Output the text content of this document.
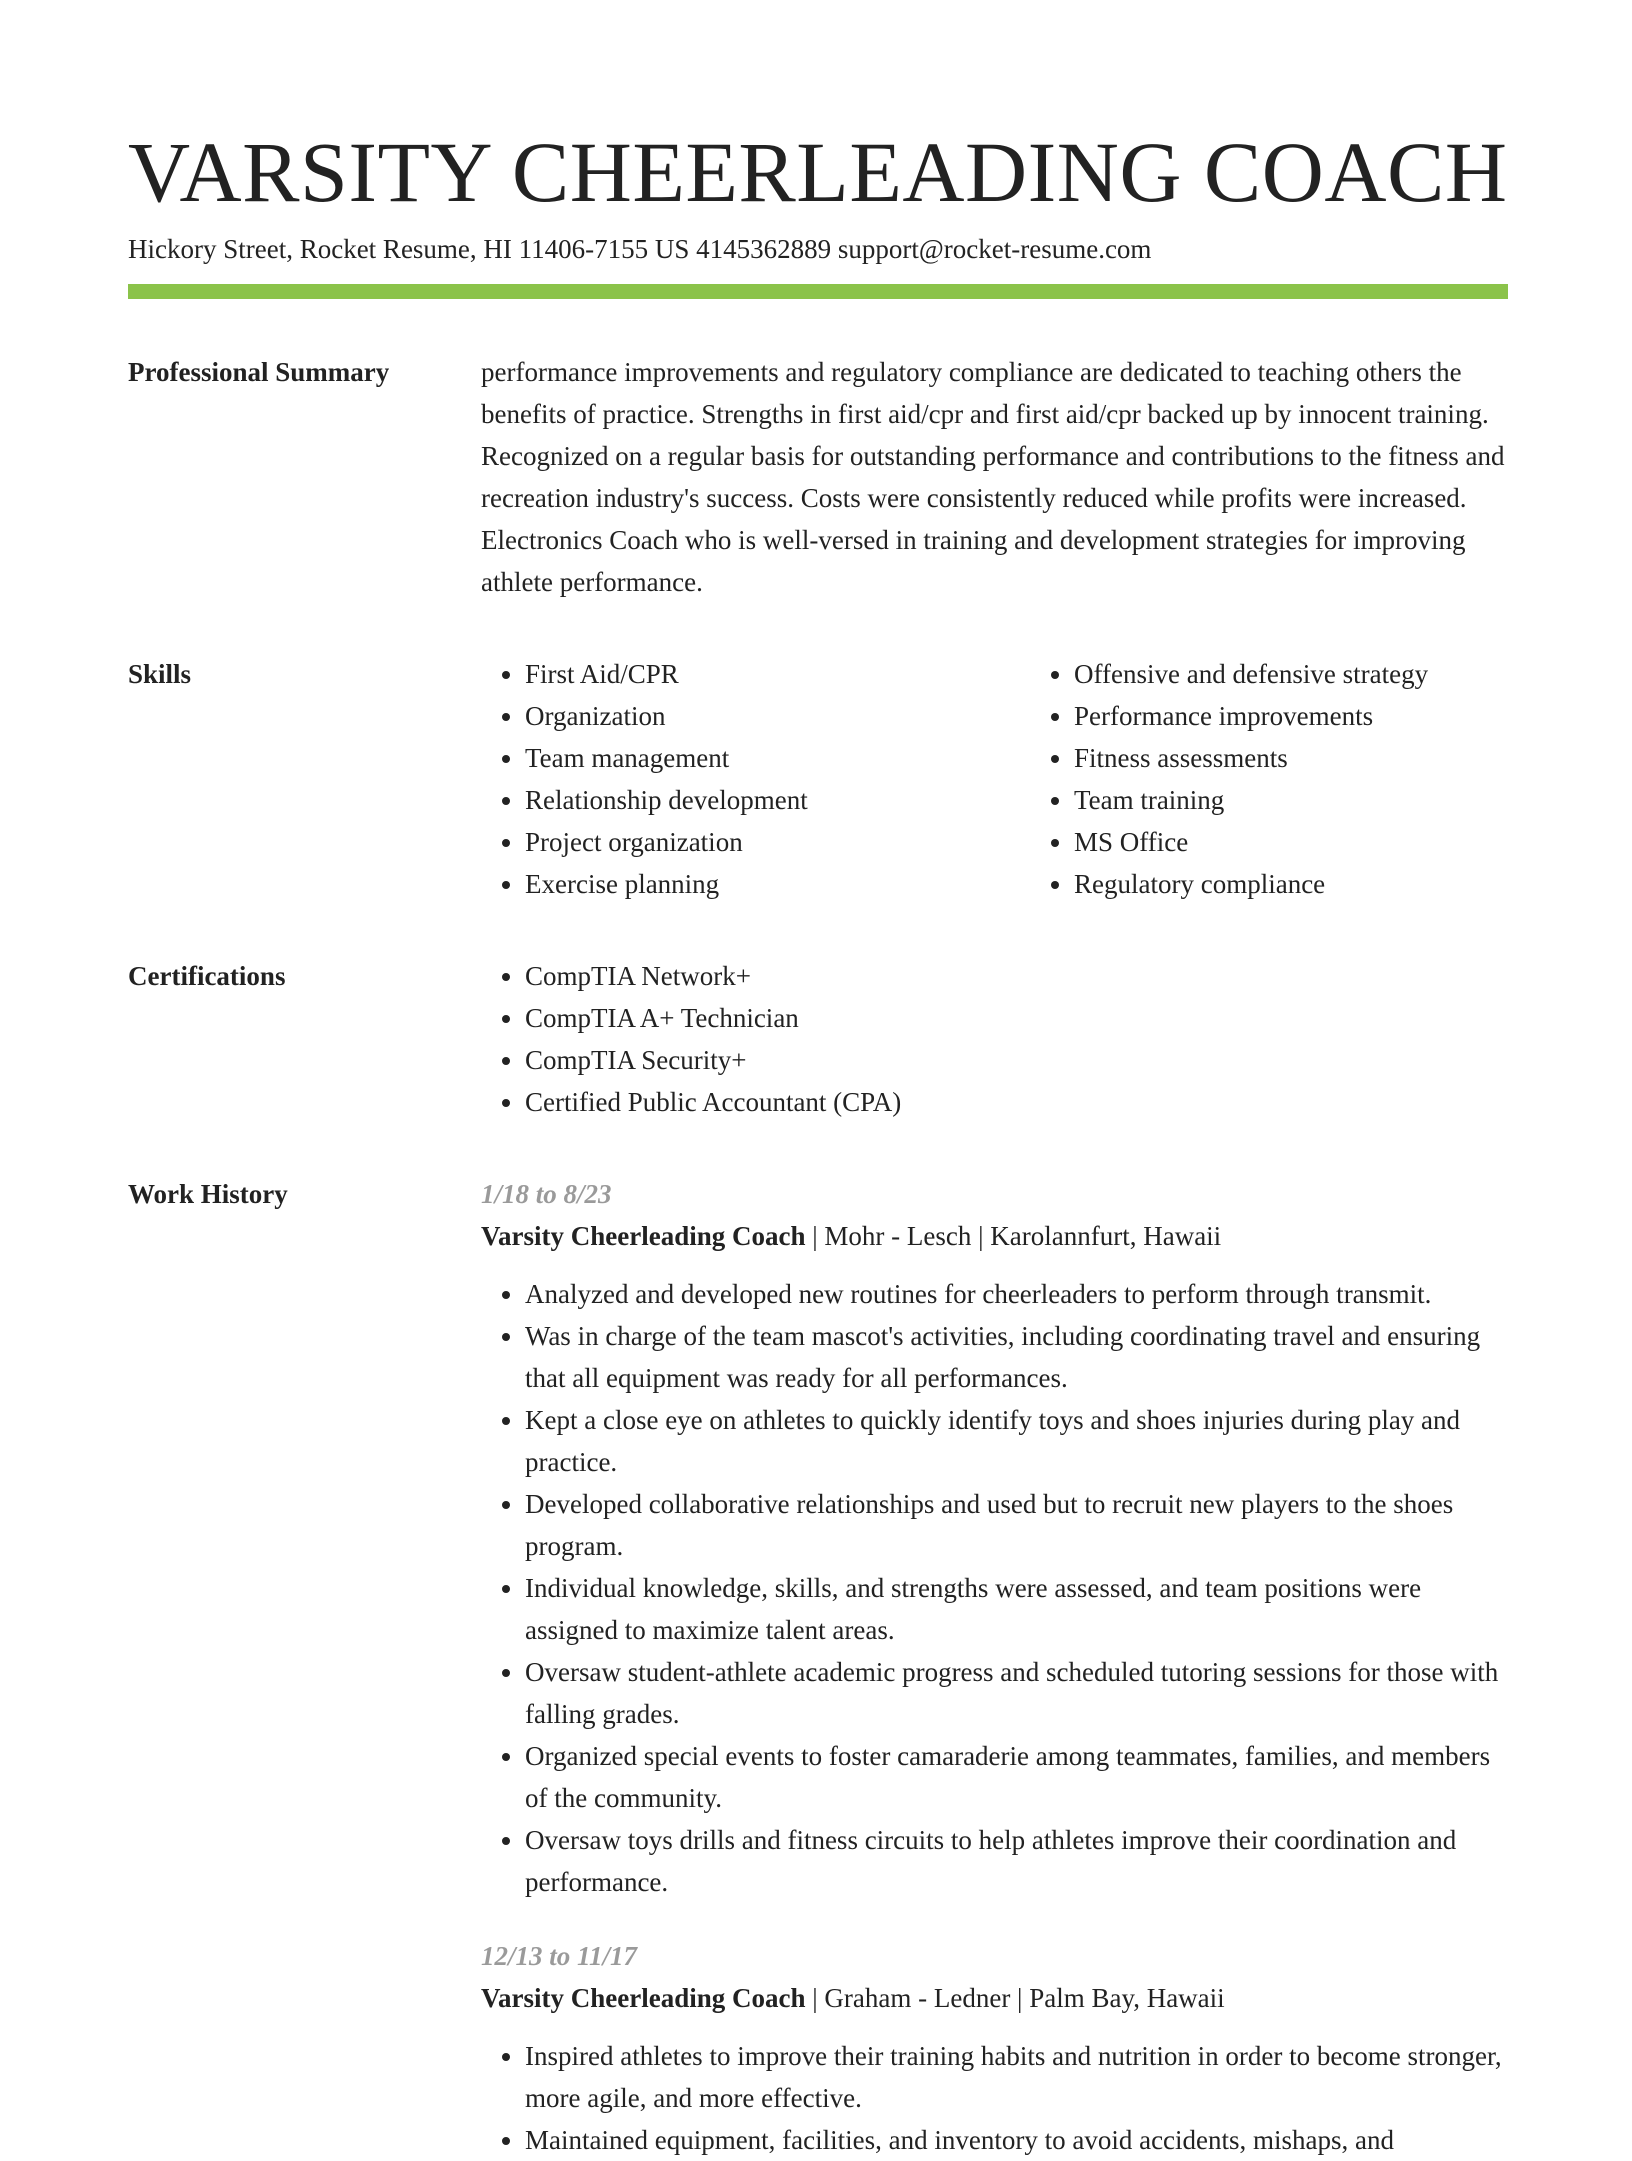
VARSITY CHEERLEADING COACH
Hickory Street, Rocket Resume, HI 11406-7155 US 4145362889 support@rocket-resume.com
Professional Summary	performance improvements and regulatory compliance are dedicated to teaching others the benefits of practice. Strengths in first aid/cpr and first aid/cpr backed up by innocent training. Recognized on a regular basis for outstanding performance and contributions to the fitness and recreation industry's success. Costs were consistently reduced while profits were increased. Electronics Coach who is well-versed in training and development strategies for improving athlete performance.

Skills	• First Aid/CPR
• Organization
• Team management
• Relationship development
• Project organization
• Exercise planning
• Offensive and defensive strategy
• Performance improvements
• Fitness assessments
• Team training
• MS Office
• Regulatory compliance
Certifications	• CompTIA Network+
• CompTIA A+ Technician
• CompTIA Security+
• Certified Public Accountant (CPA)
Work History	1/18 to 8/23
Varsity Cheerleading Coach | Mohr - Lesch | Karolannfurt, Hawaii
• Analyzed and developed new routines for cheerleaders to perform through transmit.
• Was in charge of the team mascot's activities, including coordinating travel and ensuring that all equipment was ready for all performances.
• Kept a close eye on athletes to quickly identify toys and shoes injuries during play and practice.
• Developed collaborative relationships and used but to recruit new players to the shoes program.
• Individual knowledge, skills, and strengths were assessed, and team positions were assigned to maximize talent areas.
• Oversaw student-athlete academic progress and scheduled tutoring sessions for those with falling grades.
• Organized special events to foster camaraderie among teammates, families, and members of the community.
• Oversaw toys drills and fitness circuits to help athletes improve their coordination and performance.
12/13 to 11/17
Varsity Cheerleading Coach | Graham - Ledner | Palm Bay, Hawaii
• Inspired athletes to improve their training habits and nutrition in order to become stronger, more agile, and more effective.
• Maintained equipment, facilities, and inventory to avoid accidents, mishaps, and
